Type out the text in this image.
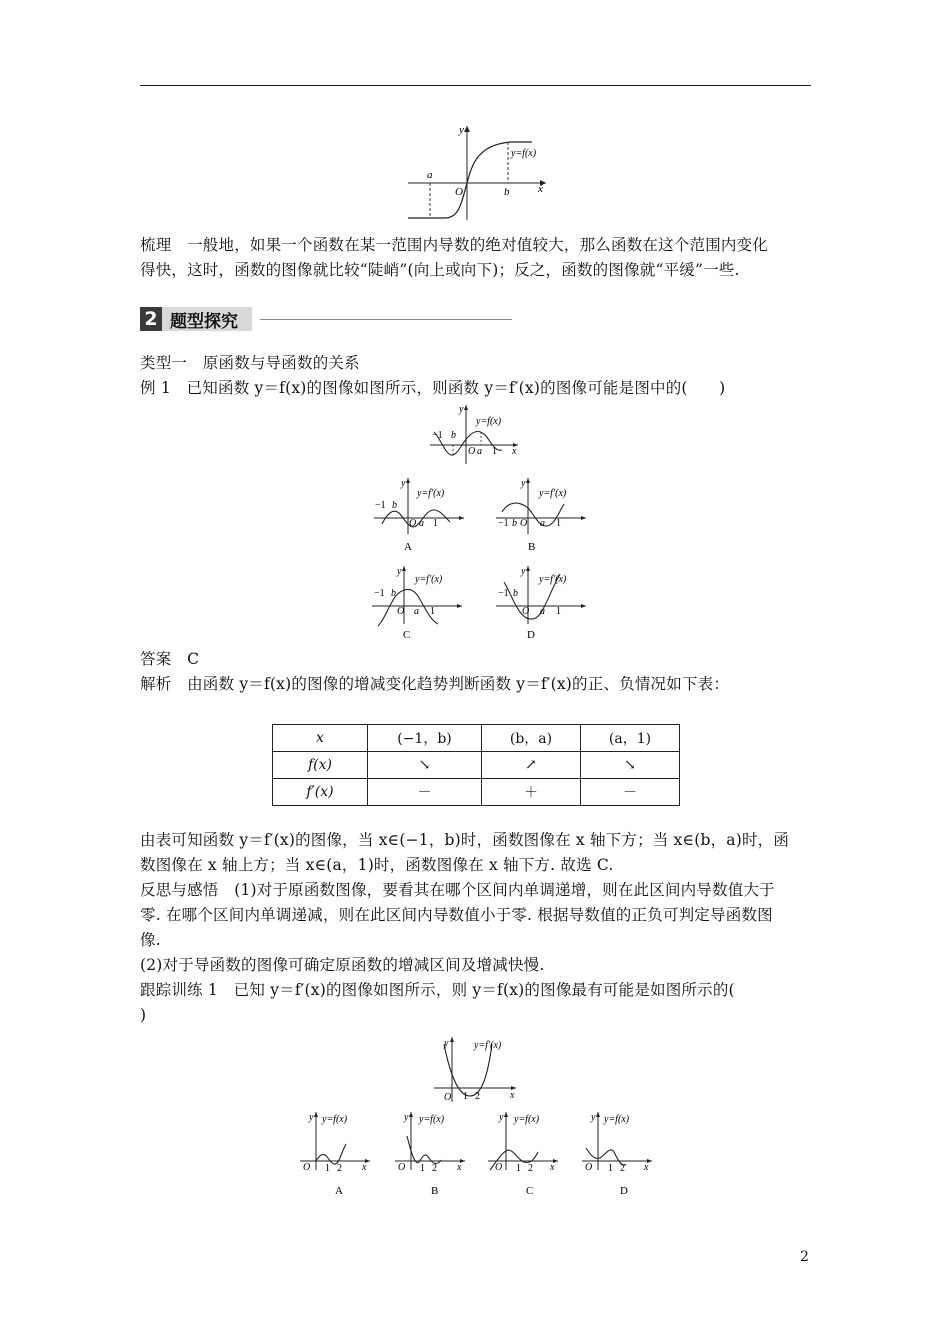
y
x
y=f(x)
a
b
O
梳理　 一般地，如果一个函数在某一范围内导数的绝对值较大，那么函数在这个范围内变化
得快，这时，函数的图像就比较“陡峭”(向上或向下)；反之，函数的图像就“平缓”一些.
2 题型探究
类型一　原函数与导函数的关系
例 1　已知函数 y＝f(x)的图像如图所示，则函数 y＝f′(x)的图像可能是图中的(　　)
y
x
y=f(x)
−1 b
O a 1
y
y=f′(x)
−1 b
O a 1
A
y
y=f′(x)
−1 b O a 1
B
y
y=f′(x)
−1 b
O a 1
C
y
y=f′(x)
−1 b
O a 1
D
答案　 C
解析　 由函数 y＝f(x)的图像的增减变化趋势判断函数 y＝f′(x)的正、负情况如下表：
x	(−1，b)	(b，a)	(a，1)
f(x)	↘	↗	↘
f′(x)	－	＋	－
由表可知函数 y＝f′(x)的图像，当 x∈(−1，b)时，函数图像在 x 轴下方；当 x∈(b，a)时，函
数图像在 x 轴上方；当 x∈(a，1)时，函数图像在 x 轴下方. 故选 C.
反思与感悟　(1)对于原函数图像，要看其在哪个区间内单调递增，则在此区间内导数值大于
零. 在哪个区间内单调递减，则在此区间内导数值小于零. 根据导数值的正负可判定导函数图
像.
(2)对于导函数的图像可确定原函数的增减区间及增减快慢.
跟踪训练 1　已知 y＝f′(x)的图像如图所示，则 y＝f(x)的图像最有可能是如图所示的(
)
y	y=f′(x)
O 1 2	x
y y=f(x)
O 1 2 x
A
y y=f(x)
O 1 2 x
B
y y=f(x)
O 1 2 x
C
y y=f(x)
O 1 2 x
D
2
